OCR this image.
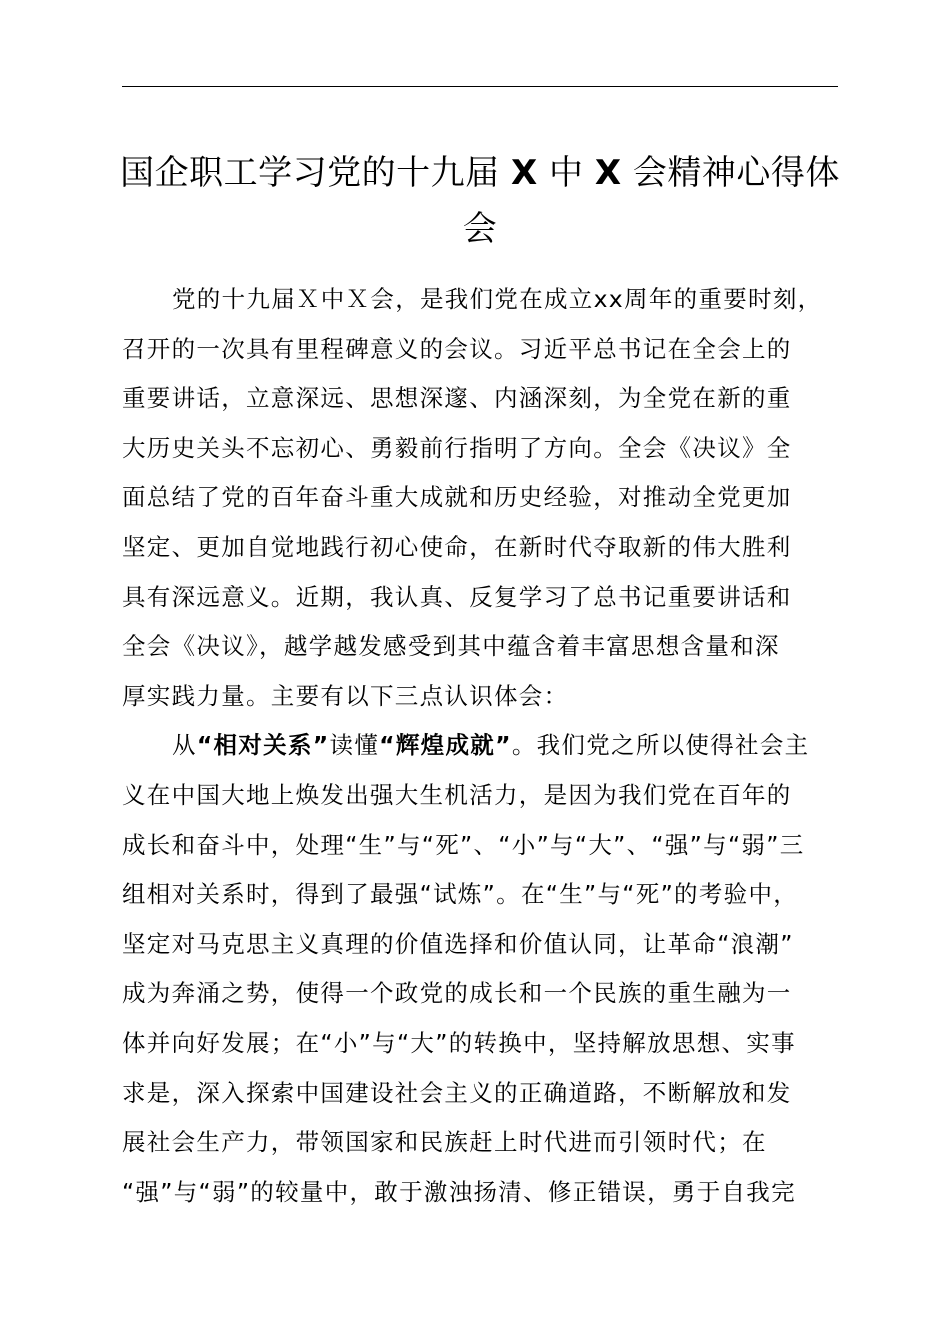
国企职工学习党的十九届 X 中 X 会精神心得体
会
党的十九届Ｘ中Ｘ会，是我们党在成立xx周年的重要时刻，
召开的一次具有里程碑意义的会议。习近平总书记在全会上的
重要讲话，立意深远、思想深邃、内涵深刻，为全党在新的重
大历史关头不忘初心、勇毅前行指明了方向。全会《决议》全
面总结了党的百年奋斗重大成就和历史经验，对推动全党更加
坚定、更加自觉地践行初心使命，在新时代夺取新的伟大胜利
具有深远意义。近期，我认真、反复学习了总书记重要讲话和
全会《决议》，越学越发感受到其中蕴含着丰富思想含量和深
厚实践力量。主要有以下三点认识体会：
从“相对关系”读懂“辉煌成就”。我们党之所以使得社会主
义在中国大地上焕发出强大生机活力，是因为我们党在百年的
成长和奋斗中，处理“生”与“死”、“小”与“大”、“强”与“弱”三
组相对关系时，得到了最强“试炼”。在“生”与“死”的考验中，
坚定对马克思主义真理的价值选择和价值认同，让革命“浪潮”
成为奔涌之势，使得一个政党的成长和一个民族的重生融为一
体并向好发展；在“小”与“大”的转换中，坚持解放思想、实事
求是，深入探索中国建设社会主义的正确道路，不断解放和发
展社会生产力，带领国家和民族赶上时代进而引领时代；在
“强”与“弱”的较量中，敢于激浊扬清、修正错误，勇于自我完
